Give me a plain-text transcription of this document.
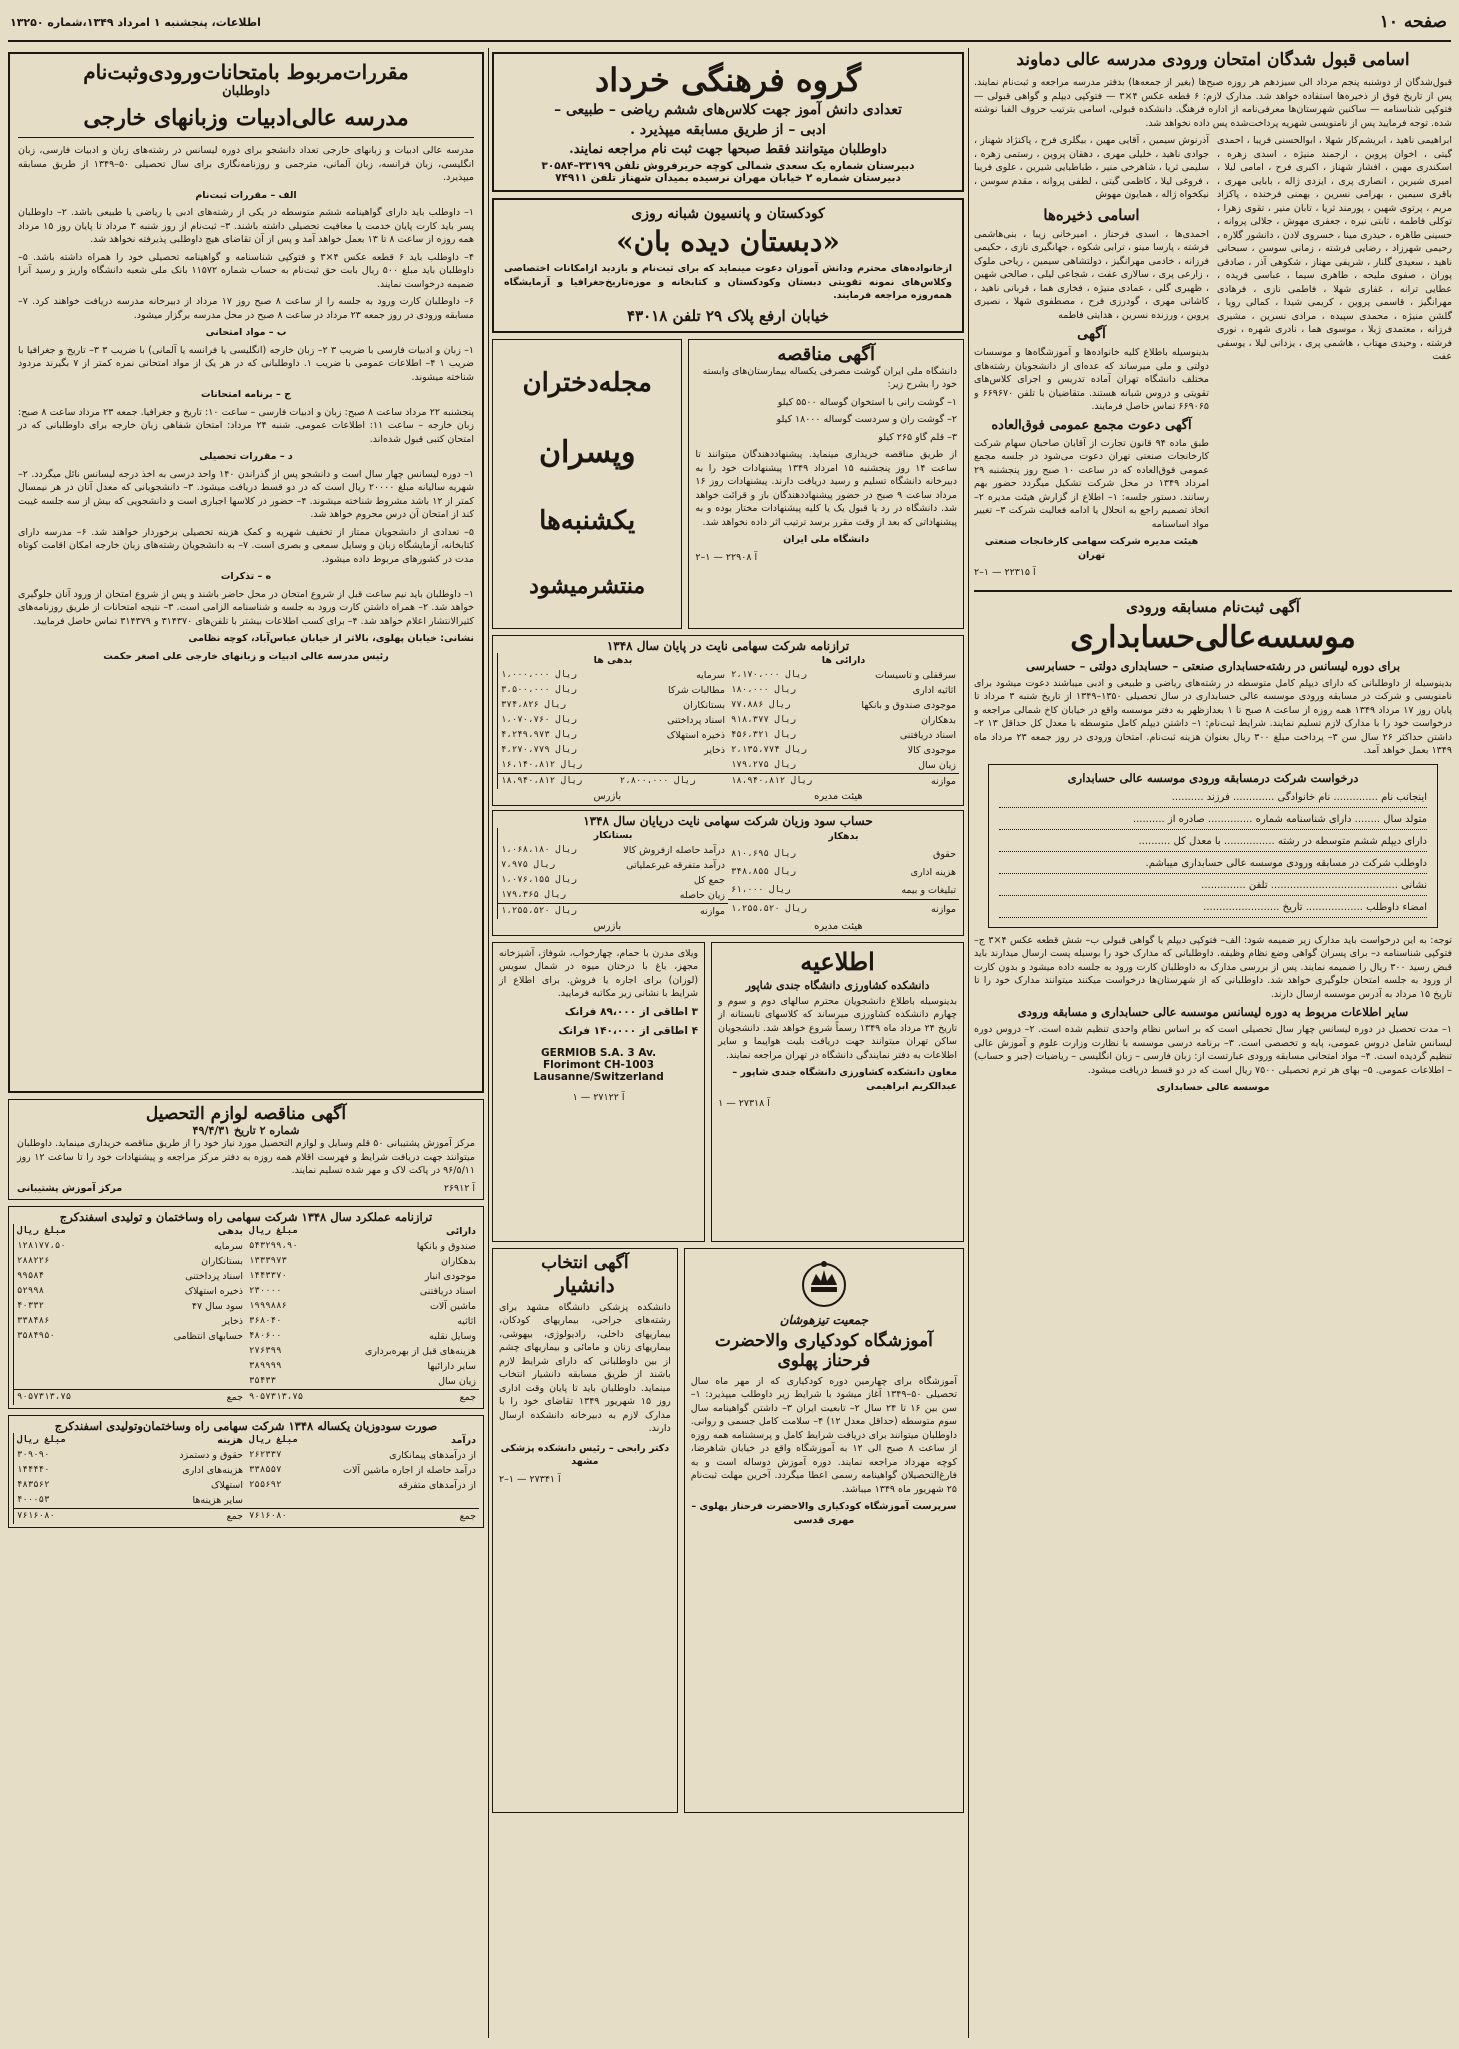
صفحه ۱۰
اطلاعات، پنجشنبه ۱ امرداد ۱۳۴۹،شماره ۱۳۲۵۰
اسامی قبول شدگان امتحان ورودی مدرسه عالی دماوند

قبول‌شدگان از دوشنبه پنجم مرداد الی سیزدهم هر روزه صبح‌ها (بغیر از جمعه‌ها) بدفتر مدرسه مراجعه و ثبت‌نام نمایند. پس از تاریخ فوق از ذخیره‌ها استفاده خواهد شد. مدارک لازم: ۶ قطعه عکس ۴×۳ — فتوکپی دیپلم و گواهی قبولی — فتوکپی شناسنامه — ساکنین شهرستان‌ها معرفی‌نامه از اداره فرهنگ. دانشکده قبولی، اسامی بترتیب حروف الفبا نوشته شده. توجه فرمایید پس از نامنویسی شهریه پرداخت‌شده پس داده نخواهد شد.

ابراهیمی ناهید ، ابریشم‌کار شهلا ، ابوالحسنی فریبا ، احمدی گیتی ، اخوان پروین ، ارجمند منیژه ، اسدی زهره ، اسکندری مهین ، افشار شهناز ، اکبری فرح ، امامی لیلا ، امیری شیرین ، انصاری پری ، ایزدی ژاله ، بابایی مهری ، باقری سیمین ، بهرامی نسرین ، بهمنی فرخنده ، پاکزاد مریم ، پرتوی شهین ، پورمند ثریا ، تابان منیر ، تقوی زهرا ، توکلی فاطمه ، ثابتی نیره ، جعفری مهوش ، جلالی پروانه ، حسینی طاهره ، حیدری مینا ، خسروی لادن ، دانشور گلاره ، رحیمی شهرزاد ، رضایی فرشته ، زمانی سوسن ، سبحانی ناهید ، سعیدی گلنار ، شریفی مهناز ، شکوهی آذر ، صادقی پوران ، صفوی ملیحه ، طاهری سیما ، عباسی فریده ، عطایی ترانه ، غفاری شهلا ، فاطمی نازی ، فرهادی مهرانگیز ، قاسمی پروین ، کریمی شیدا ، کمالی رویا ، گلشن منیژه ، محمدی سپیده ، مرادی نسرین ، مشیری فرزانه ، معتمدی ژیلا ، موسوی هما ، نادری شهره ، نوری فرشته ، وحیدی مهتاب ، هاشمی پری ، یزدانی لیلا ، یوسفی عفت

آذرنوش سیمین ، آقایی مهین ، بیگلری فرح ، پاکنژاد شهناز ، جوادی ناهید ، خلیلی مهری ، دهقان پروین ، رستمی زهره ، سلیمی ثریا ، شاهرخی منیر ، طباطبایی شیرین ، علوی فریبا ، فروغی لیلا ، کاظمی گیتی ، لطفی پروانه ، مقدم سوسن ، نیکخواه ژاله ، همایون مهوش

اسامی ذخیره‌ها

احمدی‌ها ، اسدی فرحناز ، امیرخانی زیبا ، بنی‌هاشمی فرشته ، پارسا مینو ، ترابی شکوه ، جهانگیری نازی ، حکیمی فرزانه ، خادمی مهرانگیز ، دولتشاهی سیمین ، ریاحی ملوک ، زارعی پری ، سالاری عفت ، شجاعی لیلی ، صالحی شهین ، ظهیری گلی ، عمادی منیژه ، فخاری هما ، قربانی ناهید ، کاشانی مهری ، گودرزی فرح ، مصطفوی شهلا ، نصیری پروین ، ورزنده نسرین ، هدایتی فاطمه

آگهی

بدینوسیله باطلاع کلیه خانواده‌ها و آموزشگاه‌ها و موسسات دولتی و ملی میرساند که عده‌ای از دانشجویان رشته‌های مختلف دانشگاه تهران آماده تدریس و اجرای کلاس‌های تقویتی و دروس شبانه هستند. متقاضیان با تلفن ۶۶۹۶۷۰ و ۶۶۹۰۶۵ تماس حاصل فرمایند.

آگهی دعوت مجمع عمومی فوق‌العاده

طبق ماده ۹۴ قانون تجارت از آقایان صاحبان سهام شرکت کارخانجات صنعتی تهران دعوت می‌شود در جلسه مجمع عمومی فوق‌العاده که در ساعت ۱۰ صبح روز پنجشنبه ۲۹ امرداد ۱۳۴۹ در محل شرکت تشکیل میگردد حضور بهم رسانند. دستور جلسه: ۱– اطلاع از گزارش هیئت مدیره ۲– اتخاذ تصمیم راجع به انحلال یا ادامه فعالیت شرکت ۳– تغییر مواد اساسنامه

هیئت مدیره شرکت سهامی کارخانجات صنعتی تهران

آ ۲۲۳۱۵ — ۱–۲

آگهی ثبت‌نام مسابقه ورودی
موسسه‌عالی‌حسابداری
برای دوره لیسانس در رشته‌حسابداری صنعتی – حسابداری دولتی – حسابرسی

بدینوسیله از داوطلبانی که دارای دیپلم کامل متوسطه در رشته‌های ریاضی و طبیعی و ادبی میباشند دعوت میشود برای نامنویسی و شرکت در مسابقه ورودی موسسه عالی حسابداری در سال تحصیلی ۱۳۵۰–۱۳۴۹ از تاریخ شنبه ۳ مرداد تا پایان روز ۱۷ مرداد ۱۳۴۹ همه روزه از ساعت ۸ صبح تا ۱ بعدازظهر به دفتر موسسه واقع در خیابان کاخ شمالی مراجعه و درخواست خود را با مدارک لازم تسلیم نمایند. شرایط ثبت‌نام: ۱– داشتن دیپلم کامل متوسطه با معدل کل حداقل ۱۳ ۲– داشتن حداکثر ۲۶ سال سن ۳– پرداخت مبلغ ۳۰۰ ریال بعنوان هزینه ثبت‌نام. امتحان ورودی در روز جمعه ۲۳ مرداد ماه ۱۳۴۹ بعمل خواهد آمد.

درخواست شرکت درمسابقه ورودی موسسه عالی حسابداری
اینجانب نام .............. نام خانوادگی ............. فرزند ..........
متولد سال ........ دارای شناسنامه شماره .............. صادره از ..........
دارای دیپلم ششم متوسطه در رشته ................ با معدل کل ..........
داوطلب شرکت در مسابقه ورودی موسسه عالی حسابداری میباشم.
نشانی ........................................ تلفن ..............
امضاء داوطلب .................. تاریخ ........................

توجه: به این درخواست باید مدارک زیر ضمیمه شود: الف– فتوکپی دیپلم یا گواهی قبولی ب– شش قطعه عکس ۴×۳ ج– فتوکپی شناسنامه د– برای پسران گواهی وضع نظام وظیفه. داوطلبانی که مدارک خود را بوسیله پست ارسال میدارند باید قبض رسید ۳۰۰ ریال را ضمیمه نمایند. پس از بررسی مدارک به داوطلبان کارت ورود به جلسه داده میشود و بدون کارت از ورود به جلسه امتحان جلوگیری خواهد شد. داوطلبانی که از شهرستان‌ها درخواست میکنند میتوانند مدارک خود را تا تاریخ ۱۵ مرداد به آدرس موسسه ارسال دارند.

سایر اطلاعات مربوط به دوره لیسانس موسسه عالی حسابداری و مسابقه ورودی

۱– مدت تحصیل در دوره لیسانس چهار سال تحصیلی است که بر اساس نظام واحدی تنظیم شده است. ۲– دروس دوره لیسانس شامل دروس عمومی، پایه و تخصصی است. ۳– برنامه درسی موسسه با نظارت وزارت علوم و آموزش عالی تنظیم گردیده است. ۴– مواد امتحانی مسابقه ورودی عبارتست از: زبان فارسی – زبان انگلیسی – ریاضیات (جبر و حساب) – اطلاعات عمومی. ۵– بهای هر ترم تحصیلی ۷۵۰۰ ریال است که در دو قسط دریافت میشود.

موسسه عالی حسابداری

گروه فرهنگی خرداد
تعدادی دانش آموز جهت کلاس‌های ششم ریاضی – طبیعی –
ادبی – از طریق مسابقه میپذیرد .
داوطلبان میتوانند فقط صبحها جهت ثبت نام مراجعه نمایند.
دبیرستان شماره یک سعدی شمالی کوچه حریرفروش تلفن ۳۳۱۹۹–۳۰۵۸۴
دبیرستان شماره ۲ خیابان مهران نرسیده بمیدان شهناز تلفن ۷۴۹۱۱
کودکستان و پانسیون شبانه روزی
«دبستان دیده بان»

ازخانواده‌های محترم ودانش آموزان دعوت مینماید که برای ثبت‌نام و بازدید ازامکانات اختصاصی وکلاس‌های نمونه تقویتی دبستان وکودکستان و کتابخانه و موزه‌تاریخ‌جغرافیا و آزمایشگاه همه‌روزه مراجعه فرمایند.

خیابان ارفع پلاک ۲۹ تلفن ۴۳۰۱۸
آگهی مناقصه

دانشگاه ملی ایران گوشت مصرفی یکساله بیمارستان‌های وابسته خود را بشرح زیر:

۱– گوشت رانی با استخوان گوساله ۵۵۰۰ کیلو

۲– گوشت ران و سردست گوساله ۱۸۰۰۰ کیلو

۳– قلم گاو ۲۶۵ کیلو

از طریق مناقصه خریداری مینماید. پیشنهاددهندگان میتوانند تا ساعت ۱۴ روز پنجشنبه ۱۵ امرداد ۱۳۴۹ پیشنهادات خود را به دبیرخانه دانشگاه تسلیم و رسید دریافت دارند. پیشنهادات روز ۱۶ مرداد ساعت ۹ صبح در حضور پیشنهاددهندگان باز و قرائت خواهد شد. دانشگاه در رد یا قبول یک یا کلیه پیشنهادات مختار بوده و به پیشنهاداتی که بعد از وقت مقرر برسد ترتیب اثر داده نخواهد شد.

دانشگاه ملی ایران

آ ۲۲۹۰۸ — ۱–۲

مجله‌دختران
وپسران
یکشنبه‌ها
منتشرمیشود
ترازنامه شرکت سهامی نایت در پایان سال ۱۳۴۸
دارائی ها	
سرقفلی و تاسیسات	۲،۱۷۰،۰۰۰ ریال
اثاثیه اداری	۱۸۰،۰۰۰ ریال
موجودی صندوق و بانکها	۷۷،۸۸۶ ریال
بدهکاران	۹۱۸،۳۷۷ ریال
اسناد دریافتنی	۴۵۶،۳۲۱ ریال
موجودی کالا	۲،۱۳۵،۷۷۴ ریال
زیان سال	۱۷۹،۲۷۵ ریال
موازنه	۱۸،۹۴۰،۸۱۲ ریال
بدهی ها	
سرمایه	۱،۰۰۰،۰۰۰ ریال
مطالبات شرکا	۳،۵۰۰،۰۰۰ ریال
بستانکاران	۳۷۴،۸۲۶ ریال
اسناد پرداختنی	۱،۰۷۰،۷۶۰ ریال
ذخیره استهلاک	۴،۲۴۹،۹۷۳ ریال
ذخایر	۴،۲۷۰،۷۷۹ ریال
	۱۶،۱۴۰،۸۱۲ ریال
۲،۸۰۰،۰۰۰ ریال	۱۸،۹۴۰،۸۱۲ ریال
هیئت مدیره
بازرس
حساب سود وزیان شرکت سهامی نایت دریایان سال ۱۳۴۸
بدهکار	
حقوق	۸۱۰،۶۹۵ ریال
هزینه اداری	۳۴۸،۸۵۵ ریال
تبلیغات و بیمه	۶۱،۰۰۰ ریال
موازنه	۱،۲۵۵،۵۲۰ ریال
بستانکار	
درآمد حاصله ازفروش کالا	۱،۰۶۸،۱۸۰ ریال
درآمد متفرقه غیرعملیاتی	۷،۹۷۵ ریال
جمع کل	۱،۰۷۶،۱۵۵ ریال
زیان حاصله	۱۷۹،۳۶۵ ریال
موازنه	۱،۲۵۵،۵۲۰ ریال
هیئت مدیره
بازرس
اطلاعیه
دانشکده کشاورزی دانشگاه جندی شاپور

بدینوسیله باطلاع دانشجویان محترم سالهای دوم و سوم و چهارم دانشکده کشاورزی میرساند که کلاسهای تابستانه از تاریخ ۲۴ مرداد ماه ۱۳۴۹ رسماً شروع خواهد شد. دانشجویان ساکن تهران میتوانند جهت دریافت بلیت هواپیما و سایر اطلاعات به دفتر نمایندگی دانشگاه در تهران مراجعه نمایند.

معاون دانشکده کشاورزی دانشگاه جندی شاپور – عبدالکریم ابراهیمی

آ ۲۷۳۱۸ — ۱

ویلای مدرن با حمام، چهارخواب، شوفاژ، آشپزخانه مجهز، باغ با درختان میوه در شمال سویس (لوزان) برای اجاره یا فروش. برای اطلاع از شرایط با نشانی زیر مکاتبه فرمایید.

۳ اطاقی از ۸۹،۰۰۰ فرانک

۴ اطاقی از ۱۴۰،۰۰۰ فرانک

GERMIOB S.A. 3 Av.
Florimont CH-1003
Lausanne/Switzerland

آ ۲۷۱۲۲ — ۱

جمعیت تیزهوشان
آموزشگاه کودکیاری والاحضرت
فرحناز پهلوی

آموزشگاه برای چهارمین دوره کودکیاری که از مهر ماه سال تحصیلی ۵۰–۱۳۴۹ آغاز میشود با شرایط زیر داوطلب میپذیرد: ۱– سن بین ۱۶ تا ۲۴ سال ۲– تابعیت ایران ۳– داشتن گواهینامه سال سوم متوسطه (حداقل معدل ۱۲) ۴– سلامت کامل جسمی و روانی. داوطلبان میتوانند برای دریافت شرایط کامل و پرسشنامه همه روزه از ساعت ۸ صبح الی ۱۲ به آموزشگاه واقع در خیابان شاهرضا، کوچه مهرداد مراجعه نمایند. دوره آموزش دوساله است و به فارغ‌التحصیلان گواهینامه رسمی اعطا میگردد. آخرین مهلت ثبت‌نام ۲۵ شهریور ماه ۱۳۴۹ میباشد.

سرپرست آموزشگاه کودکیاری والاحضرت فرحناز پهلوی – مهری قدسی

آگهی انتخاب
دانشیار

دانشکده پزشکی دانشگاه مشهد برای رشته‌های جراحی، بیماریهای کودکان، بیماریهای داخلی، رادیولوژی، بیهوشی، بیماریهای زنان و مامائی و بیماریهای چشم از بین داوطلبانی که دارای شرایط لازم باشند از طریق مسابقه دانشیار انتخاب مینماید. داوطلبان باید تا پایان وقت اداری روز ۱۵ شهریور ۱۳۴۹ تقاضای خود را با مدارک لازم به دبیرخانه دانشکده ارسال دارند.

دکتر رابحی – رئیس دانشکده پزشکی مشهد

آ ۲۷۳۴۱ — ۱–۲

مقررات‌مربوط بامتحانات‌ورودی‌وثبت‌نام
داوطلبان
مدرسه عالی‌ادبیات وزبانهای خارجی

مدرسه عالی ادبیات و زبانهای خارجی تعداد دانشجو برای دوره لیسانس در رشته‌های زبان و ادبیات فارسی، زبان انگلیسی، زبان فرانسه، زبان آلمانی، مترجمی و روزنامه‌نگاری برای سال تحصیلی ۵۰–۱۳۴۹ از طریق مسابقه میپذیرد.

الف – مقررات ثبت‌نام

۱– داوطلب باید دارای گواهینامه ششم متوسطه در یکی از رشته‌های ادبی یا ریاضی یا طبیعی باشد. ۲– داوطلبان پسر باید کارت پایان خدمت یا معافیت تحصیلی داشته باشند. ۳– ثبت‌نام از روز شنبه ۳ مرداد تا پایان روز ۱۵ مرداد همه روزه از ساعت ۸ تا ۱۳ بعمل خواهد آمد و پس از آن تقاضای هیچ داوطلبی پذیرفته نخواهد شد.

۴– داوطلب باید ۶ قطعه عکس ۴×۳ و فتوکپی شناسنامه و گواهینامه تحصیلی خود را همراه داشته باشد. ۵– داوطلبان باید مبلغ ۵۰۰ ریال بابت حق ثبت‌نام به حساب شماره ۱۱۵۷۲ بانک ملی شعبه دانشگاه واریز و رسید آنرا ضمیمه درخواست نمایند.

۶– داوطلبان کارت ورود به جلسه را از ساعت ۸ صبح روز ۱۷ مرداد از دبیرخانه مدرسه دریافت خواهند کرد. ۷– مسابقه ورودی در روز جمعه ۲۳ مرداد در ساعت ۸ صبح در محل مدرسه برگزار میشود.

ب – مواد امتحانی

۱– زبان و ادبیات فارسی با ضریب ۳ ۲– زبان خارجه (انگلیسی یا فرانسه یا آلمانی) با ضریب ۳ ۳– تاریخ و جغرافیا با ضریب ۱ ۴– اطلاعات عمومی با ضریب ۱. داوطلبانی که در هر یک از مواد امتحانی نمره کمتر از ۷ بگیرند مردود شناخته میشوند.

ج – برنامه امتحانات

پنجشنبه ۲۲ مرداد ساعت ۸ صبح: زبان و ادبیات فارسی – ساعت ۱۰: تاریخ و جغرافیا. جمعه ۲۳ مرداد ساعت ۸ صبح: زبان خارجه – ساعت ۱۱: اطلاعات عمومی. شنبه ۲۴ مرداد: امتحان شفاهی زبان خارجه برای داوطلبانی که در امتحان کتبی قبول شده‌اند.

د – مقررات تحصیلی

۱– دوره لیسانس چهار سال است و دانشجو پس از گذراندن ۱۴۰ واحد درسی به اخذ درجه لیسانس نائل میگردد. ۲– شهریه سالیانه مبلغ ۲۰۰۰۰ ریال است که در دو قسط دریافت میشود. ۳– دانشجویانی که معدل آنان در هر نیمسال کمتر از ۱۲ باشد مشروط شناخته میشوند. ۴– حضور در کلاسها اجباری است و دانشجویی که بیش از سه جلسه غیبت کند از امتحان آن درس محروم خواهد شد.

۵– تعدادی از دانشجویان ممتاز از تخفیف شهریه و کمک هزینه تحصیلی برخوردار خواهند شد. ۶– مدرسه دارای کتابخانه، آزمایشگاه زبان و وسایل سمعی و بصری است. ۷– به دانشجویان رشته‌های زبان خارجه امکان اقامت کوتاه مدت در کشورهای مربوط داده میشود.

ه – تذکرات

۱– داوطلبان باید نیم ساعت قبل از شروع امتحان در محل حاضر باشند و پس از شروع امتحان از ورود آنان جلوگیری خواهد شد. ۲– همراه داشتن کارت ورود به جلسه و شناسنامه الزامی است. ۳– نتیجه امتحانات از طریق روزنامه‌های کثیرالانتشار اعلام خواهد شد. ۴– برای کسب اطلاعات بیشتر با تلفن‌های ۳۱۴۳۷۰ و ۳۱۴۳۷۹ تماس حاصل فرمایید.

نشانی: خیابان پهلوی، بالاتر از خیابان عباس‌آباد، کوچه نظامی

رئیس مدرسه عالی ادبیات و زبانهای خارجی علی اصغر حکمت

آگهی مناقصه لوازم التحصیل
شماره ۲ تاریخ ۴۹/۴/۳۱

مرکز آموزش پشتیبانی ۵۰ قلم وسایل و لوازم التحصیل مورد نیاز خود را از طریق مناقصه خریداری مینماید. داوطلبان میتوانند جهت دریافت شرایط و فهرست اقلام همه روزه به دفتر مرکز مراجعه و پیشنهادات خود را تا ساعت ۱۲ روز ۹۶/۵/۱۱ در پاکت لاک و مهر شده تسلیم نمایند.

آ ۲۶۹۱۲
مرکز آموزش پشتیبانی
ترازنامه عملکرد سال ۱۳۴۸ شرکت سهامی راه وساختمان و تولیدی اسفندکرج
دارائی	مبلغ ریال
صندوق و بانکها	۵۴۳۲۹۹،۹۰
بدهکاران	۱۳۳۳۹۷۳
موجودی انبار	۱۴۴۳۳۷۰
اسناد دریافتنی	۲۳۰۰۰۰
ماشین آلات	۱۹۹۹۸۸۶
اثاثیه	۳۶۸۰۴۰
وسایل نقلیه	۴۸۰۶۰۰
هزینه‌های قبل از بهره‌برداری	۲۷۶۳۹۹
سایر دارائیها	۳۸۹۹۹۹
زیان سال	۳۵۴۳۳
جمع	۹۰۵۷۳۱۳،۷۵
بدهی	مبلغ ریال
سرمایه	۱۲۸۱۷۷،۵۰
بستانکاران	۲۸۸۲۲۶
اسناد پرداختنی	۹۹۵۸۴
ذخیره استهلاک	۵۲۹۹۸
سود سال ۴۷	۴۰۳۳۲
ذخایر	۳۳۸۴۸۶
حسابهای انتظامی	۳۵۸۴۹۵۰

جمع	۹۰۵۷۳۱۳،۷۵
صورت سودوزیان یکساله ۱۳۴۸ شرکت سهامی راه وساختمان‌وتولیدی اسفندکرج
درآمد	مبلغ ریال
از درآمدهای پیمانکاری	۲۶۲۳۳۷
درآمد حاصله از اجاره ماشین آلات	۳۳۸۵۵۷
از درآمدهای متفرقه	۲۵۵۶۹۲

جمع	۷۶۱۶۰۸۰
هزینه	مبلغ ریال
حقوق و دستمزد	۳۰۹۰۹۰
هزینه‌های اداری	۱۴۴۴۴۰
استهلاک	۴۸۳۵۶۲
سایر هزینه‌ها	۴۰۰۰۵۳
جمع	۷۶۱۶۰۸۰
